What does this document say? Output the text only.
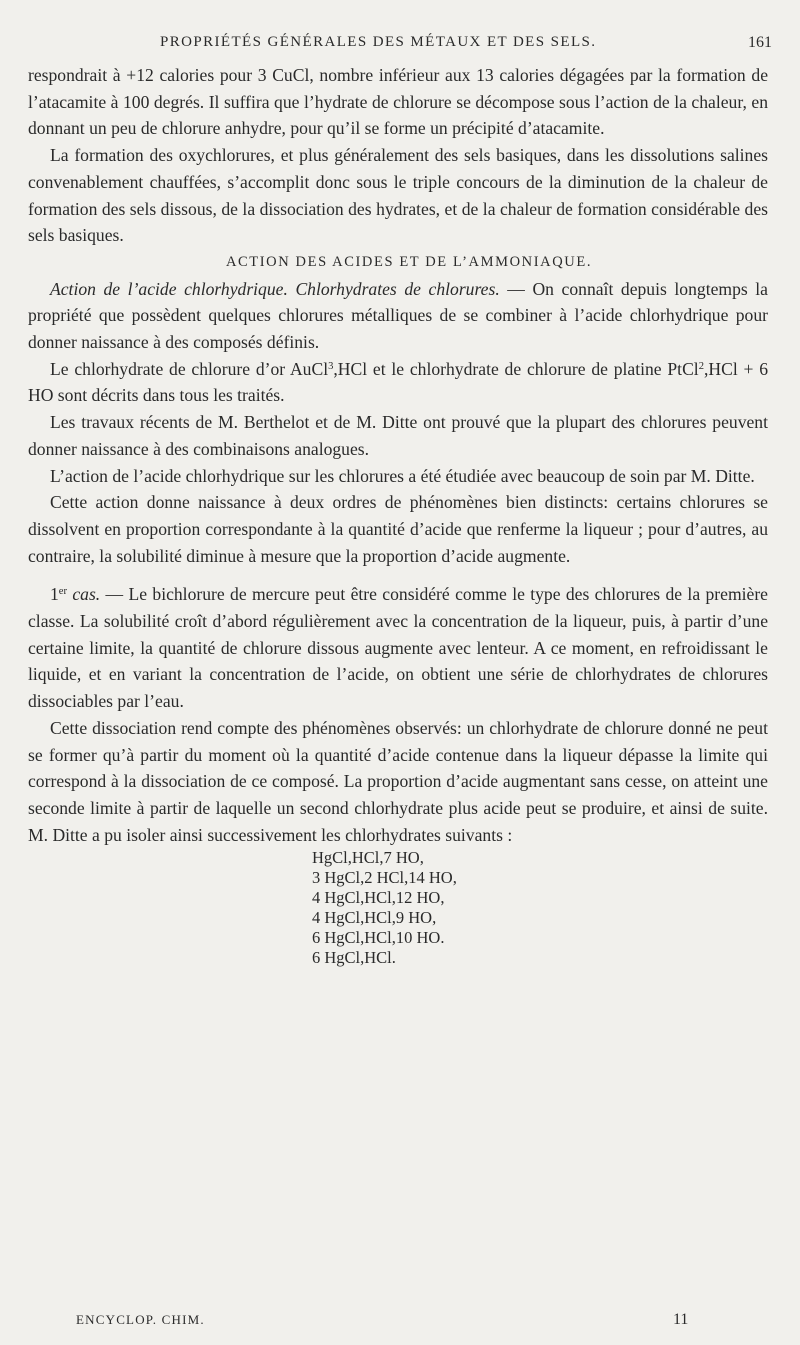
PROPRIÉTÉS GÉNÉRALES DES MÉTAUX ET DES SELS.	161

respondrait à +12 calories pour 3 CuCl, nombre inférieur aux 13 calories dégagées par la formation de l’atacamite à 100 degrés. Il suffira que l’hydrate de chlorure se décompose sous l’action de la chaleur, en donnant un peu de chlorure anhydre, pour qu’il se forme un précipité d’atacamite.

La formation des oxychlorures, et plus généralement des sels basiques, dans les dissolutions salines convenablement chauffées, s’accomplit donc sous le triple concours de la diminution de la chaleur de formation des sels dissous, de la dissociation des hydrates, et de la chaleur de formation considérable des sels basiques.

ACTION DES ACIDES ET DE L’AMMONIAQUE.

Action de l’acide chlorhydrique. Chlorhydrates de chlorures. — On connaît depuis longtemps la propriété que possèdent quelques chlorures métalliques de se combiner à l’acide chlorhydrique pour donner naissance à des composés définis.

Le chlorhydrate de chlorure d’or AuCl$^3$,HCl et le chlorhydrate de chlorure de platine PtCl$^2$,HCl + 6 HO sont décrits dans tous les traités.

Les travaux récents de M. Berthelot et de M. Ditte ont prouvé que la plupart des chlorures peuvent donner naissance à des combinaisons analogues.

L’action de l’acide chlorhydrique sur les chlorures a été étudiée avec beaucoup de soin par M. Ditte.

Cette action donne naissance à deux ordres de phénomènes bien distincts: certains chlorures se dissolvent en proportion correspondante à la quantité d’acide que renferme la liqueur ; pour d’autres, au contraire, la solubilité diminue à mesure que la proportion d’acide augmente.

1er cas. — Le bichlorure de mercure peut être considéré comme le type des chlorures de la première classe. La solubilité croît d’abord régulièrement avec la concentration de la liqueur, puis, à partir d’une certaine limite, la quantité de chlorure dissous augmente avec lenteur. A ce moment, en refroidissant le liquide, et en variant la concentration de l’acide, on obtient une série de chlorhydrates de chlorures dissociables par l’eau.

Cette dissociation rend compte des phénomènes observés: un chlorhydrate de chlorure donné ne peut se former qu’à partir du moment où la quantité d’acide contenue dans la liqueur dépasse la limite qui correspond à la dissociation de ce composé. La proportion d’acide augmentant sans cesse, on atteint une seconde limite à partir de laquelle un second chlorhydrate plus acide peut se produire, et ainsi de suite. M. Ditte a pu isoler ainsi successivement les chlorhydrates suivants :

HgCl,HCl,7 HO,
3 HgCl,2 HCl,14 HO,
4 HgCl,HCl,12 HO,
4 HgCl,HCl,9 HO,
6 HgCl,HCl,10 HO.
6 HgCl,HCl.
ENCYCLOP. CHIM.	11
